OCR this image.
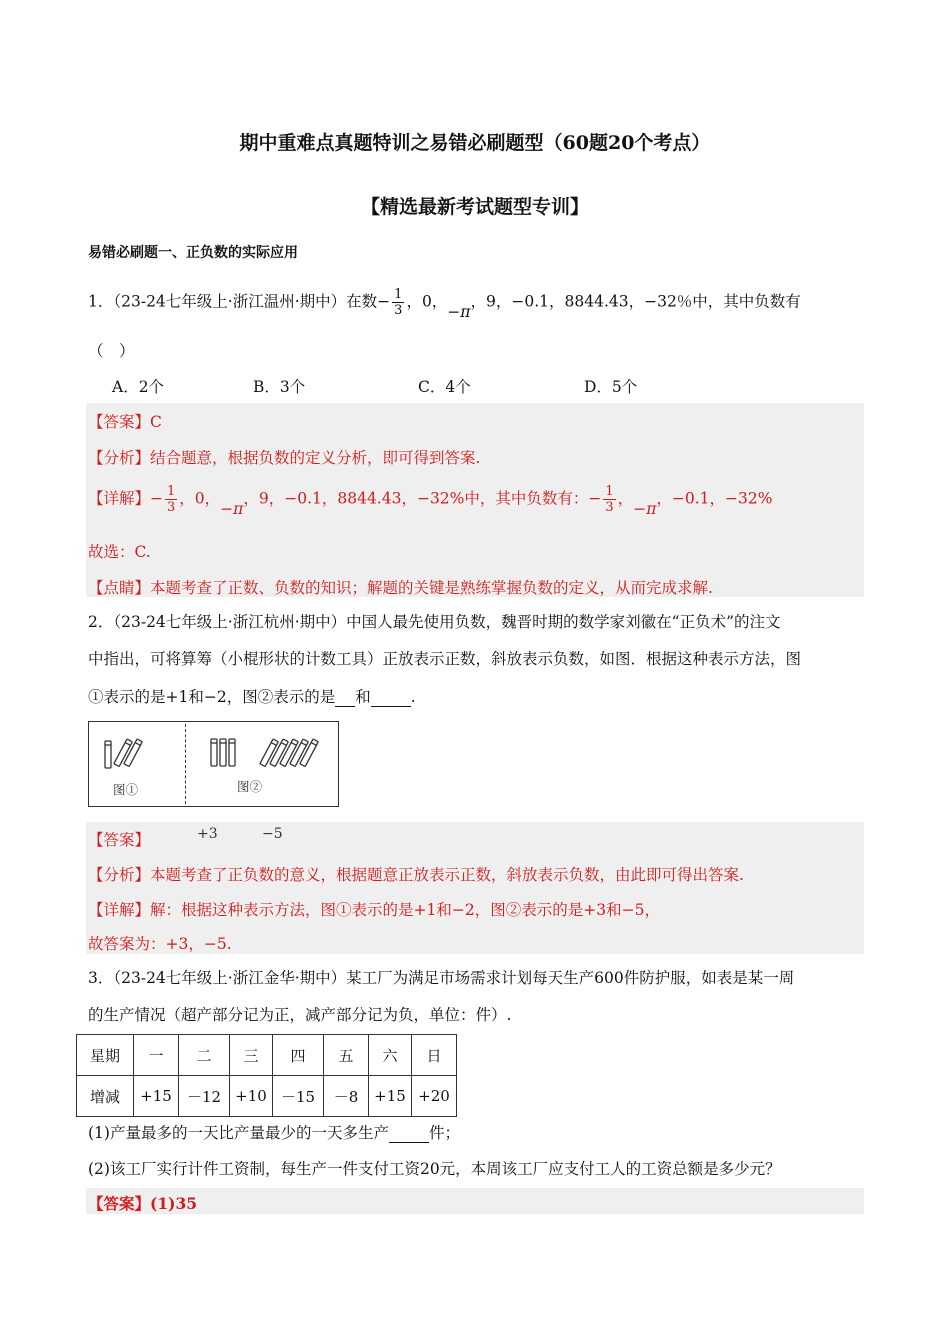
期中重难点真题特训之易错必刷题型（60题20个考点）
【精选最新考试题型专训】
易错必刷题一、正负数的实际应用
1．（23-24七年级上·浙江温州·期中）在数− $\frac{1}{3}$ ，0，−π，9，−0.1，8844.43，−32％中，其中负数有
（　）
A．2个	B．3个	C．4个	D．5个
【答案】C
【分析】结合题意，根据负数的定义分析，即可得到答案.
【详解】− $\frac{1}{3}$ ，0，−π，9，−0.1，8844.43，−32%中，其中负数有：− $\frac{1}{3}$ ，−π，−0.1，−32%
故选：C.
【点睛】本题考查了正数、负数的知识；解题的关键是熟练掌握负数的定义，从而完成求解.
2．（23-24七年级上·浙江杭州·期中）中国人最先使用负数，魏晋时期的数学家刘徽在“正负术”的注文
中指出，可将算筹（小棍形状的计数工具）正放表示正数，斜放表示负数，如图．根据这种表示方法，图
①表示的是+1和−2，图②表示的是 和	.
图①	图②
【答案】	+3	−5
【分析】本题考查了正负数的意义，根据题意正放表示正数，斜放表示负数，由此即可得出答案.
【详解】解：根据这种表示方法，图①表示的是+1和−2，图②表示的是+3和−5，
故答案为：+3，−5.
3．（23-24七年级上·浙江金华·期中）某工厂为满足市场需求计划每天生产600件防护服，如表是某一周
的生产情况（超产部分记为正，减产部分记为负，单位：件）.
星期	一	二	三	四	五	六	日
增减	+15	－12	+10	－15	－8	+15	+20
(1)产量最多的一天比产量最少的一天多生产	件；
(2)该工厂实行计件工资制，每生产一件支付工资20元，本周该工厂应支付工人的工资总额是多少元？
【答案】(1)35
